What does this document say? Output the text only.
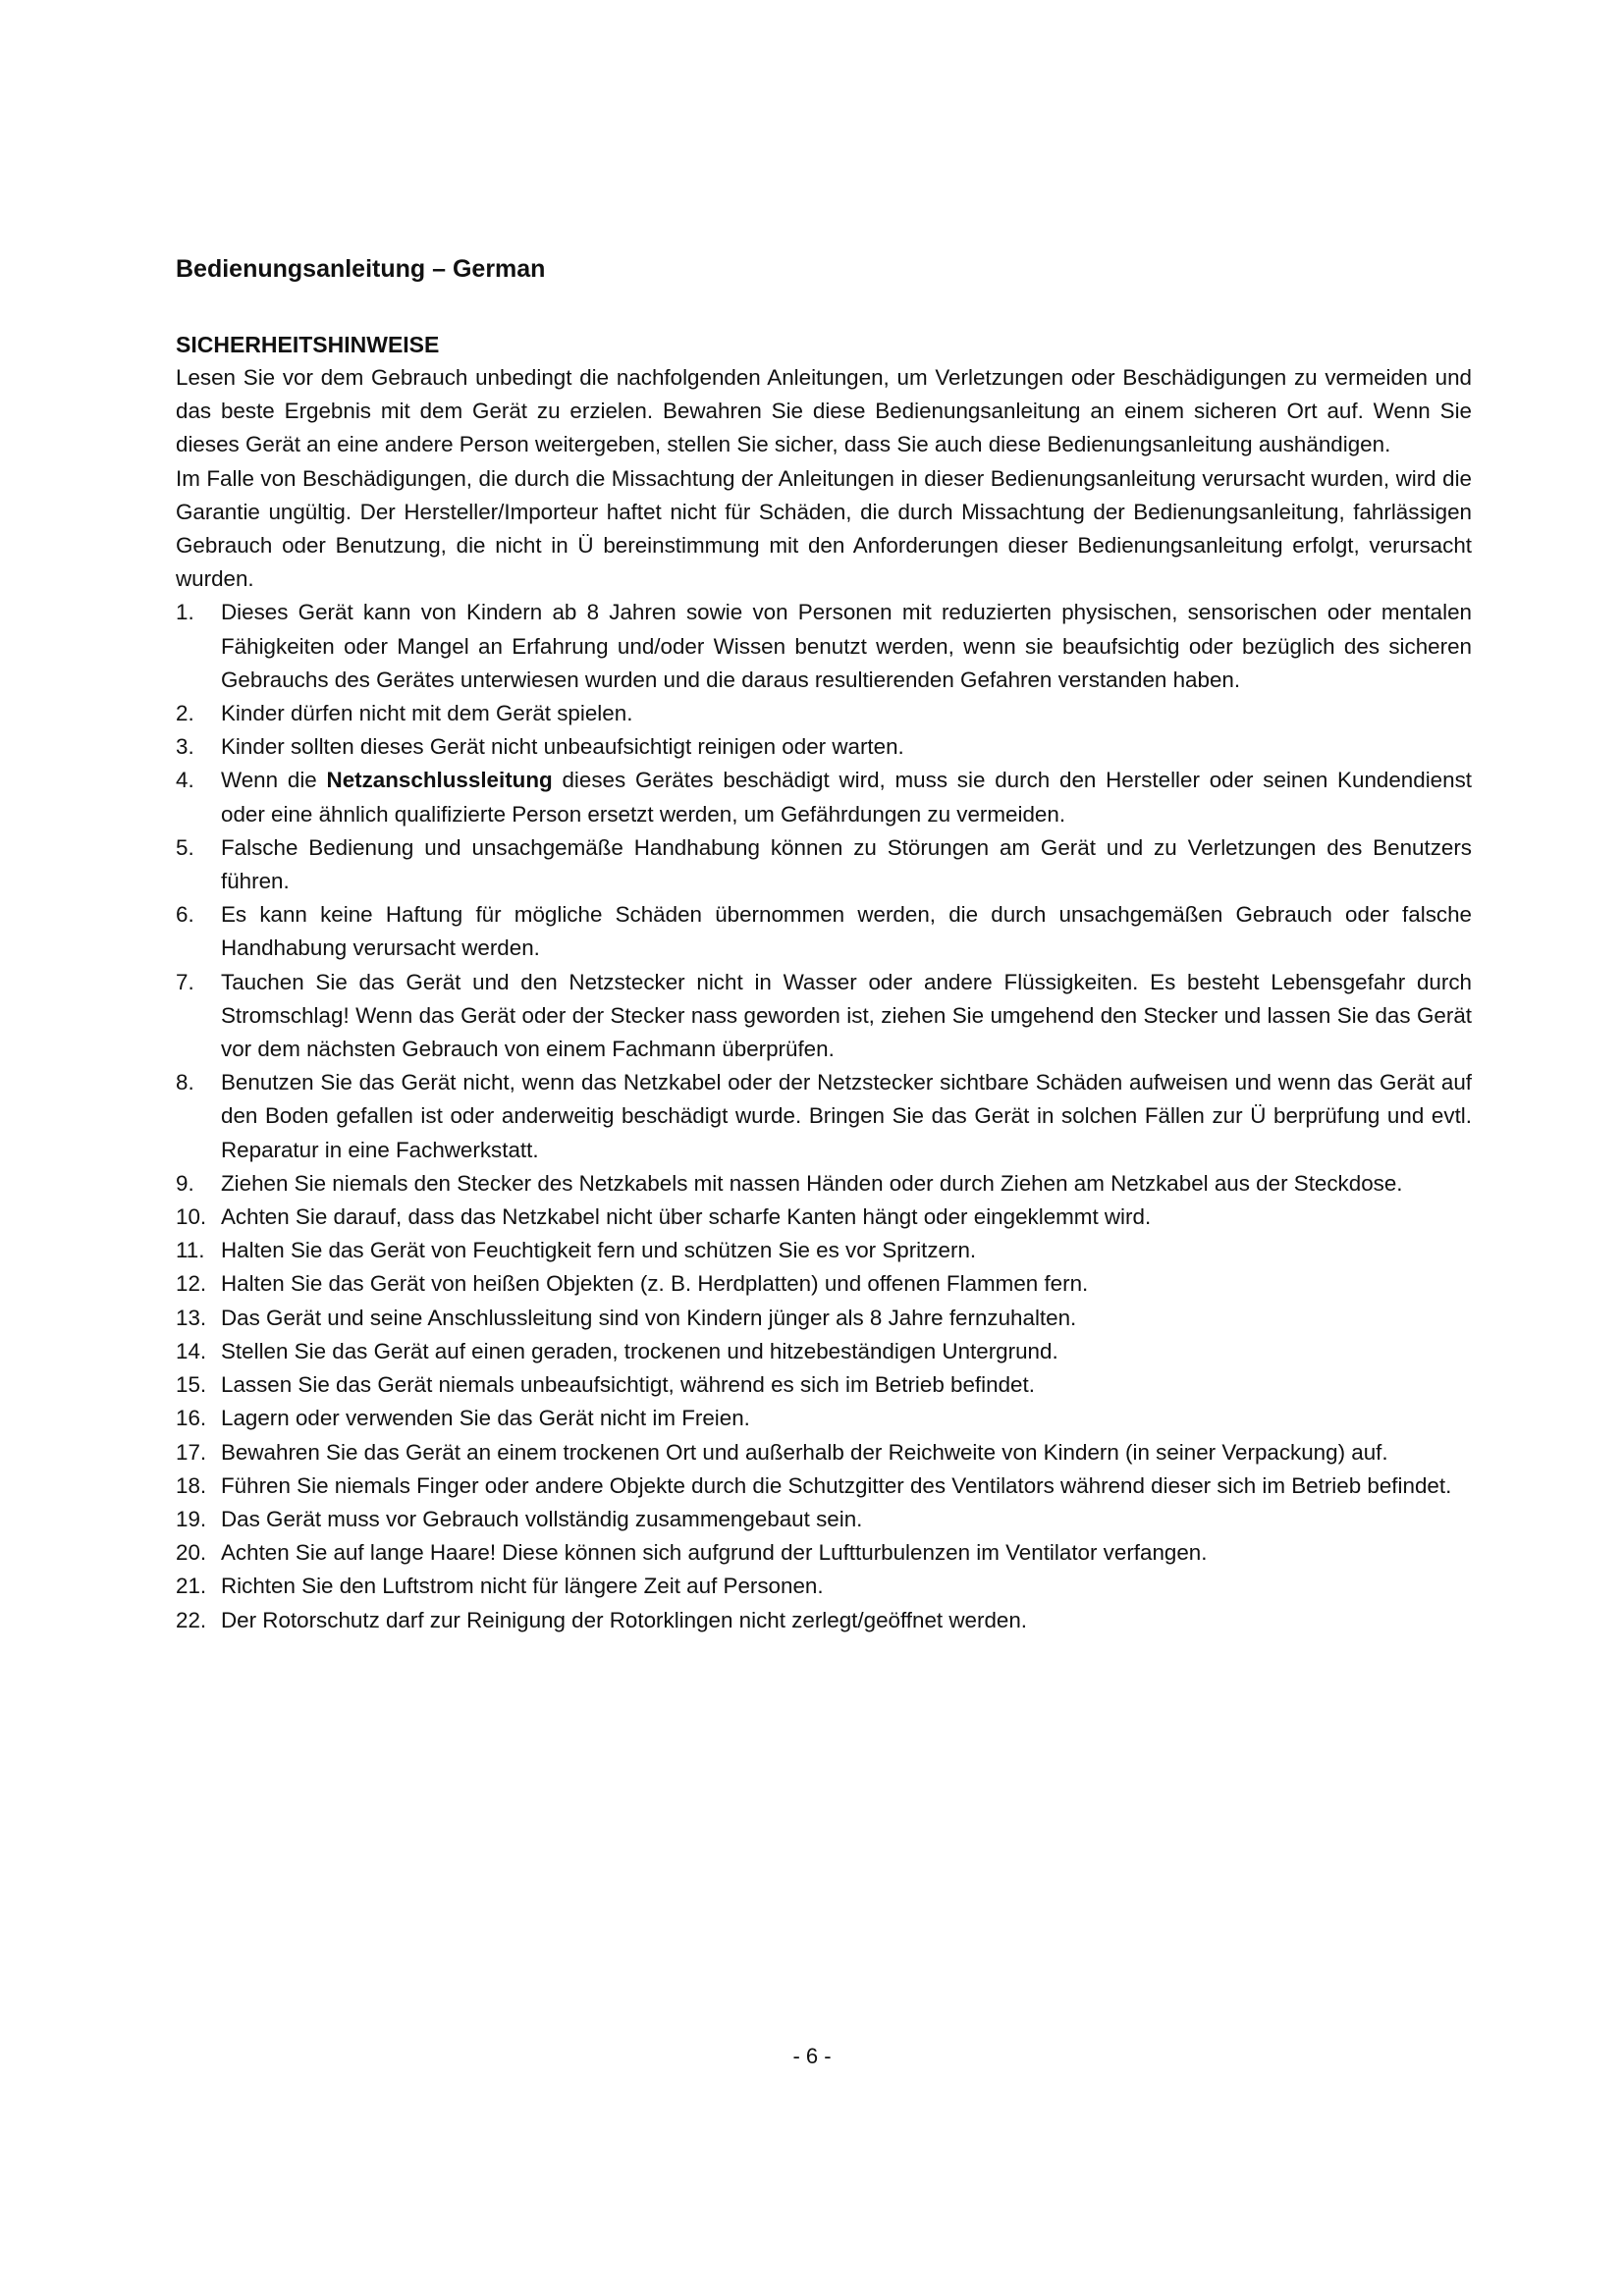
Bedienungsanleitung – German
SICHERHEITSHINWEISE

Lesen Sie vor dem Gebrauch unbedingt die nachfolgenden Anleitungen, um Verletzungen oder Beschädigungen zu vermeiden und das beste Ergebnis mit dem Gerät zu erzielen. Bewahren Sie diese Bedienungsanleitung an einem sicheren Ort auf. Wenn Sie dieses Gerät an eine andere Person weitergeben, stellen Sie sicher, dass Sie auch diese Bedienungsanleitung aushändigen.

Im Falle von Beschädigungen, die durch die Missachtung der Anleitungen in dieser Bedienungsanleitung verursacht wurden, wird die Garantie ungültig. Der Hersteller/Importeur haftet nicht für Schäden, die durch Missachtung der Bedienungsanleitung, fahrlässigen Gebrauch oder Benutzung, die nicht in Ü bereinstimmung mit den Anforderungen dieser Bedienungsanleitung erfolgt, verursacht wurden.

1.	Dieses Gerät kann von Kindern ab 8 Jahren sowie von Personen mit reduzierten physischen, sensorischen oder mentalen Fähigkeiten oder Mangel an Erfahrung und/oder Wissen benutzt werden, wenn sie beaufsichtig oder bezüglich des sicheren Gebrauchs des Gerätes unterwiesen wurden und die daraus resultierenden Gefahren verstanden haben.
2.	Kinder dürfen nicht mit dem Gerät spielen.
3.	Kinder sollten dieses Gerät nicht unbeaufsichtigt reinigen oder warten.
4.	Wenn die Netzanschlussleitung dieses Gerätes beschädigt wird, muss sie durch den Hersteller oder seinen Kundendienst oder eine ähnlich qualifizierte Person ersetzt werden, um Gefährdungen zu vermeiden.
5.	Falsche Bedienung und unsachgemäße Handhabung können zu Störungen am Gerät und zu Verletzungen des Benutzers führen.
6.	Es kann keine Haftung für mögliche Schäden übernommen werden, die durch unsachgemäßen Gebrauch oder falsche Handhabung verursacht werden.
7.	Tauchen Sie das Gerät und den Netzstecker nicht in Wasser oder andere Flüssigkeiten. Es besteht Lebensgefahr durch Stromschlag! Wenn das Gerät oder der Stecker nass geworden ist, ziehen Sie umgehend den Stecker und lassen Sie das Gerät vor dem nächsten Gebrauch von einem Fachmann überprüfen.
8.	Benutzen Sie das Gerät nicht, wenn das Netzkabel oder der Netzstecker sichtbare Schäden aufweisen und wenn das Gerät auf den Boden gefallen ist oder anderweitig beschädigt wurde. Bringen Sie das Gerät in solchen Fällen zur Ü berprüfung und evtl. Reparatur in eine Fachwerkstatt.
9.	Ziehen Sie niemals den Stecker des Netzkabels mit nassen Händen oder durch Ziehen am Netzkabel aus der Steckdose.
10. Achten Sie darauf, dass das Netzkabel nicht über scharfe Kanten hängt oder eingeklemmt wird.
11. Halten Sie das Gerät von Feuchtigkeit fern und schützen Sie es vor Spritzern.
12. Halten Sie das Gerät von heißen Objekten (z. B. Herdplatten) und offenen Flammen fern.
13. Das Gerät und seine Anschlussleitung sind von Kindern jünger als 8 Jahre fernzuhalten.
14. Stellen Sie das Gerät auf einen geraden, trockenen und hitzebeständigen Untergrund.
15. Lassen Sie das Gerät niemals unbeaufsichtigt, während es sich im Betrieb befindet.
16. Lagern oder verwenden Sie das Gerät nicht im Freien.
17. Bewahren Sie das Gerät an einem trockenen Ort und außerhalb der Reichweite von Kindern (in seiner Verpackung) auf.
18. Führen Sie niemals Finger oder andere Objekte durch die Schutzgitter des Ventilators während dieser sich im Betrieb befindet.
19. Das Gerät muss vor Gebrauch vollständig zusammengebaut sein.
20. Achten Sie auf lange Haare! Diese können sich aufgrund der Luftturbulenzen im Ventilator verfangen.
21. Richten Sie den Luftstrom nicht für längere Zeit auf Personen.
22. Der Rotorschutz darf zur Reinigung der Rotorklingen nicht zerlegt/geöffnet werden.
- 6 -
